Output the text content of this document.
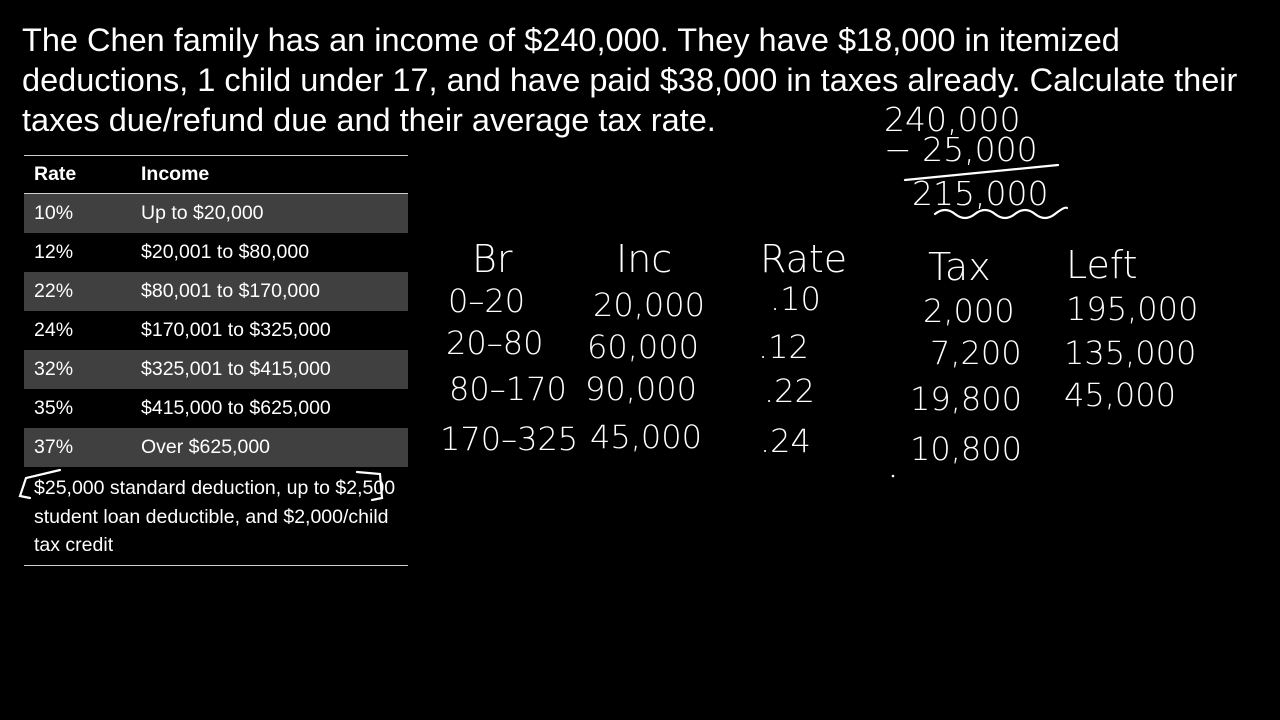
The Chen family has an income of $240,000. They have $18,000 in itemized deductions, 1 child under 17, and have paid $38,000 in taxes already. Calculate their taxes due/refund due and their average tax rate.
Rate	Income
10%	Up to $20,000
12%	$20,001 to $80,000
22%	$80,001 to $170,000
24%	$170,001 to $325,000
32%	$325,001 to $415,000
35%	$415,000 to $625,000
37%	Over $625,000
$25,000 standard deduction, up to $2,500 student loan deductible, and $2,000/child tax credit
240,000
− 25,000
215,000
Br	Inc Rate Tax Left
0–20 20,000 .10	2,000 195,000
20–80 60,000 .12	7,200 135,000
80–170 90,000 .22	19,800 45,000
170–325 45,000 .24	10,800
